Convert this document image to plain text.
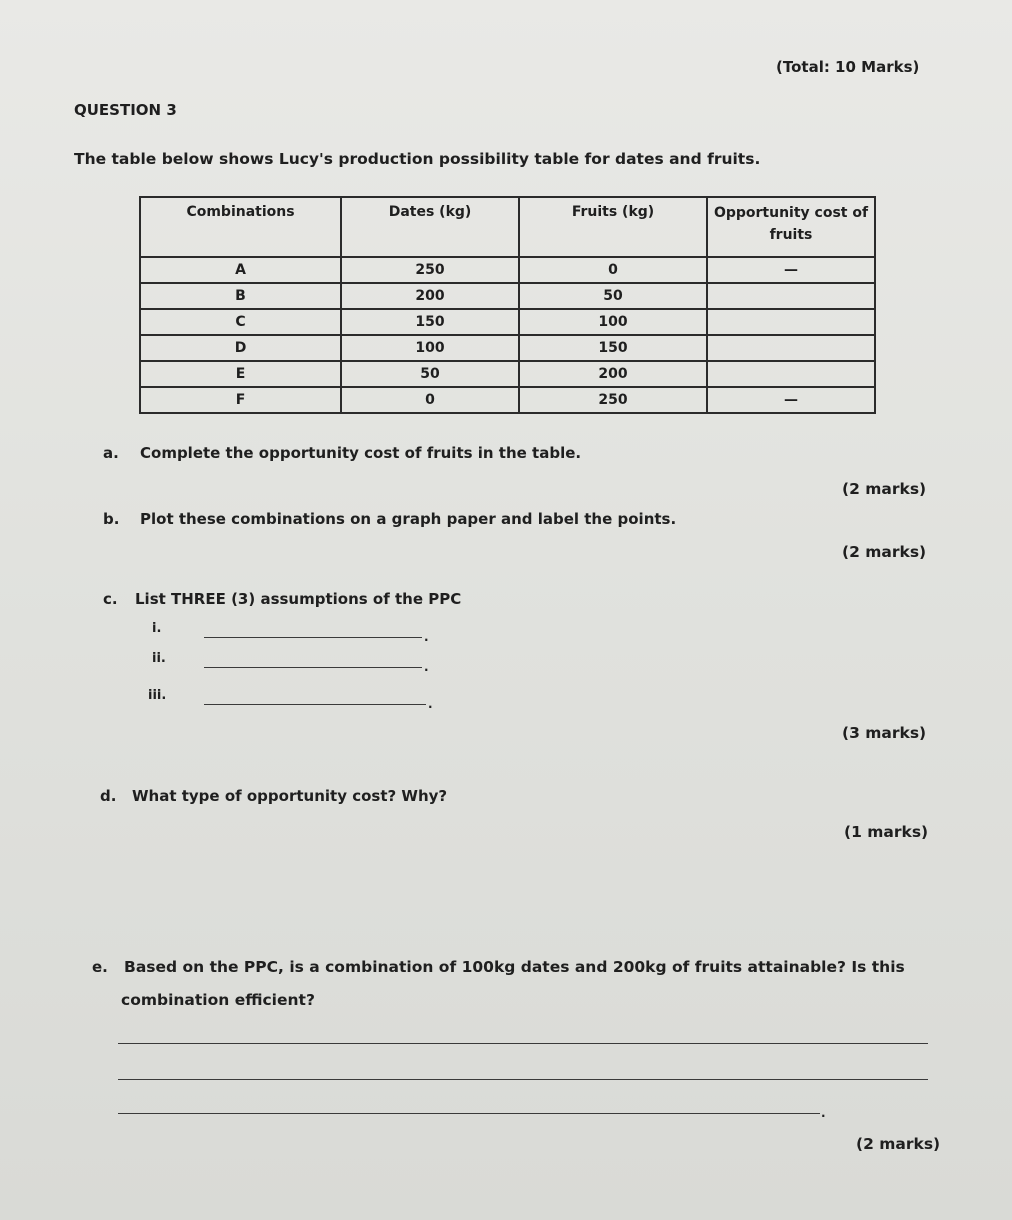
(Total: 10 Marks)
QUESTION 3
The table below shows Lucy's production possibility table for dates and fruits.
Combinations	Dates (kg)	Fruits (kg)	Opportunity cost of fruits
A	250	0	—
B	200	50	
C	150	100	
D	100	150	
E	50	200	
F	0	250	—
a. Complete the opportunity cost of fruits in the table.
(2 marks)
b. Plot these combinations on a graph paper and label the points.
(2 marks)
c. List THREE (3) assumptions of the PPC
i.
.
ii.
.
iii.
.
(3 marks)
d. What type of opportunity cost? Why?
(1 marks)
e. Based on the PPC, is a combination of 100kg dates and 200kg of fruits attainable? Is this
combination efficient?
.
(2 marks)
